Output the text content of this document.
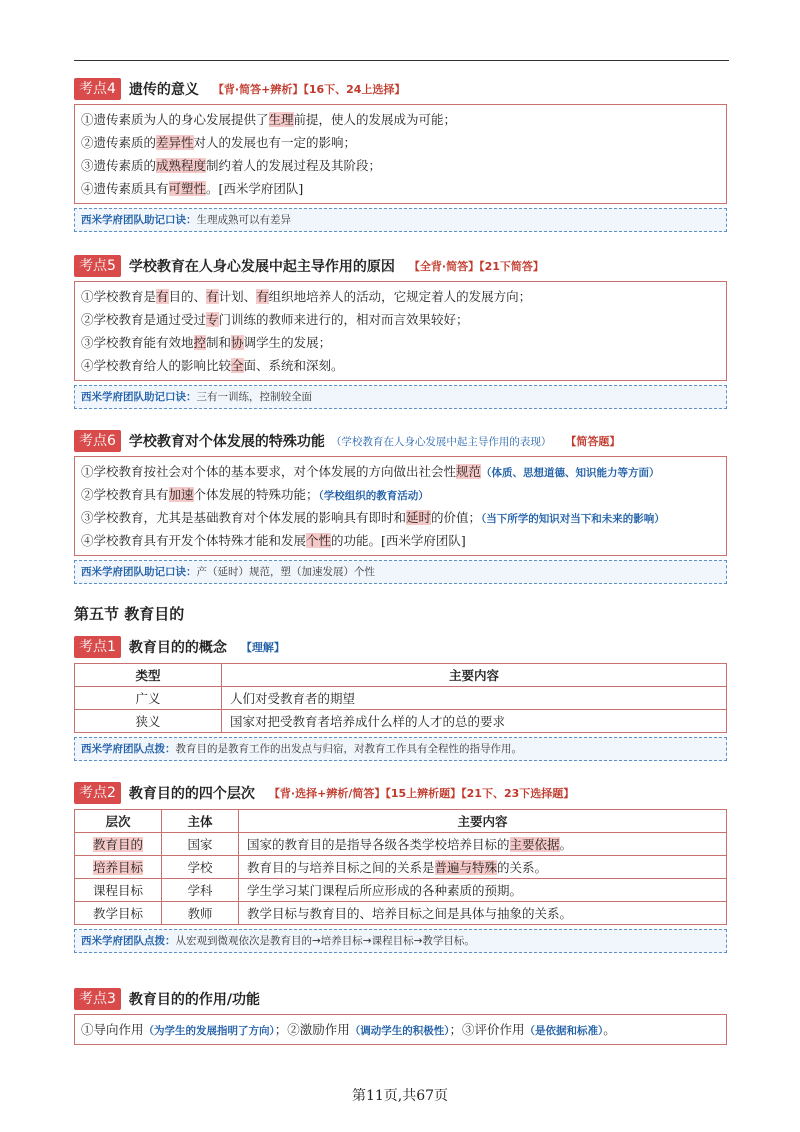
考点4 遗传的意义 【背·简答+辨析】【16下、24上选择】
①遗传素质为人的身心发展提供了生理前提，使人的发展成为可能；
②遗传素质的差异性对人的发展也有一定的影响；
③遗传素质的成熟程度制约着人的发展过程及其阶段；
④遗传素质具有可塑性。[西米学府团队]
西米学府团队助记口诀：生理成熟可以有差异
考点5 学校教育在人身心发展中起主导作用的原因 【全背·简答】【21下简答】
①学校教育是有目的、有计划、有组织地培养人的活动，它规定着人的发展方向；
②学校教育是通过受过专门训练的教师来进行的，相对而言效果较好；
③学校教育能有效地控制和协调学生的发展；
④学校教育给人的影响比较全面、系统和深刻。
西米学府团队助记口诀：三有一训练，控制较全面
考点6 学校教育对个体发展的特殊功能 （学校教育在人身心发展中起主导作用的表现） 【简答题】
①学校教育按社会对个体的基本要求，对个体发展的方向做出社会性规范（体质、思想道德、知识能力等方面）
②学校教育具有加速个体发展的特殊功能；（学校组织的教育活动）
③学校教育，尤其是基础教育对个体发展的影响具有即时和延时的价值；（当下所学的知识对当下和未来的影响）
④学校教育具有开发个体特殊才能和发展个性的功能。[西米学府团队]
西米学府团队助记口诀：产（延时）规范，塑（加速发展）个性
第五节 教育目的
考点1 教育目的的概念 【理解】
类型	主要内容
广义	人们对受教育者的期望
狭义	国家对把受教育者培养成什么样的人才的总的要求
西米学府团队点拨：教育目的是教育工作的出发点与归宿，对教育工作具有全程性的指导作用。
考点2 教育目的的四个层次 【背·选择+辨析/简答】【15上辨析题】【21下、23下选择题】
层次	主体	主要内容
教育目的	国家	国家的教育目的是指导各级各类学校培养目标的主要依据。
培养目标	学校	教育目的与培养目标之间的关系是普遍与特殊的关系。
课程目标	学科	学生学习某门课程后所应形成的各种素质的预期。
教学目标	教师	教学目标与教育目的、培养目标之间是具体与抽象的关系。
西米学府团队点拨：从宏观到微观依次是教育目的→培养目标→课程目标→教学目标。
考点3 教育目的的作用/功能
①导向作用（为学生的发展指明了方向）；②激励作用（调动学生的积极性）；③评价作用（是依据和标准）。
第11页,共67页
